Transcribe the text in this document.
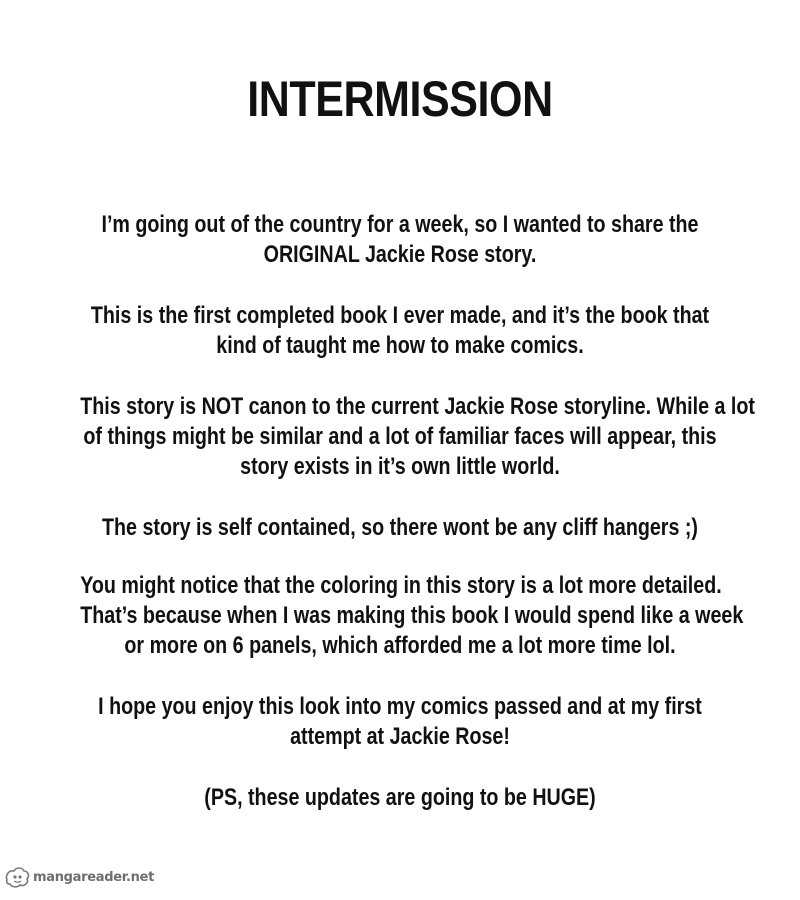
INTERMISSION
I’m going out of the country for a week, so I wanted to share the
ORIGINAL Jackie Rose story.
This is the first completed book I ever made, and it’s the book that
kind of taught me how to make comics.
This story is NOT canon to the current Jackie Rose storyline. While a lot
of things might be similar and a lot of familiar faces will appear, this
story exists in it’s own little world.
The story is self contained, so there wont be any cliff hangers ;)
You might notice that the coloring in this story is a lot more detailed.
That’s because when I was making this book I would spend like a week
or more on 6 panels, which afforded me a lot more time lol.
I hope you enjoy this look into my comics passed and at my first
attempt at Jackie Rose!
(PS, these updates are going to be HUGE)
mangareader.net
